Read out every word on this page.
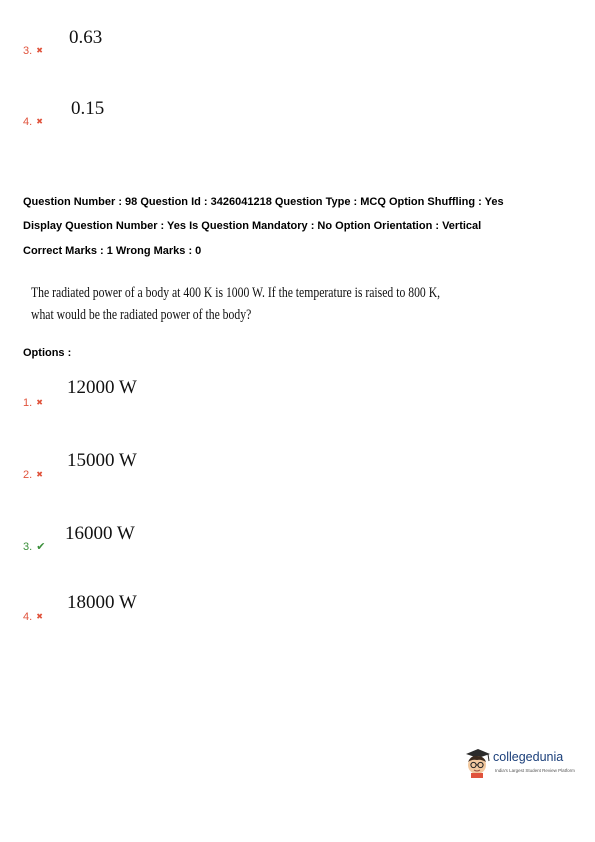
0.63
3. ✖
0.15
4. ✖
Question Number : 98 Question Id : 3426041218 Question Type : MCQ Option Shuffling : Yes
Display Question Number : Yes Is Question Mandatory : No Option Orientation : Vertical
Correct Marks : 1 Wrong Marks : 0
The radiated power of a body at 400 K is 1000 W. If the temperature is raised to 800 K,
what would be the radiated power of the body?
Options :
12000 W
1. ✖
15000 W
2. ✖
16000 W
3. ✔
18000 W
4. ✖
collegedunia
India's Largest Student Review Platform
